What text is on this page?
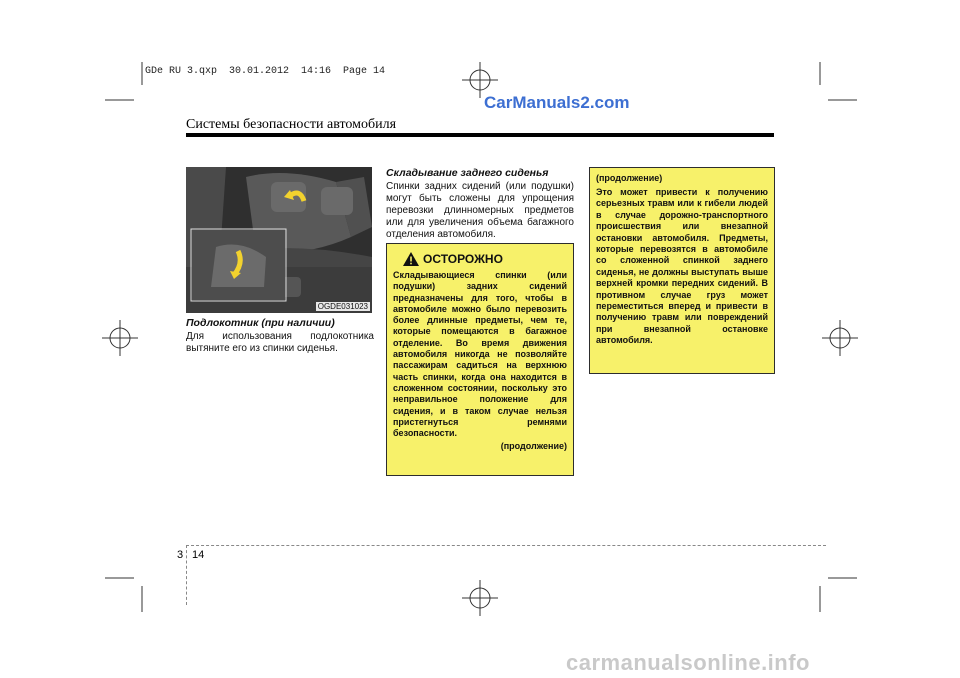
GDe RU 3.qxp  30.01.2012  14:16  Page 14
CarManuals2.com
Системы безопасности автомобиля
OGDE031023
Подлокотник (при наличии)
Для использования подлокотника вытяните его из спинки сиденья.
Складывание заднего сиденья
Спинки задних сидений (или подушки) могут быть сложены для упрощения перевозки длинномерных предметов или для увеличения объема багажного отделения автомобиля.
ОСТОРОЖНО
Складывающиеся спинки (или подушки) задних сидений предназначены для того, чтобы в автомобиле можно было перевозить более длинные предметы, чем те, которые помещаются в багажное отделение. Во время движения автомобиля никогда не позволяйте пассажирам садиться на верхнюю часть спинки, когда она находится в сложенном состоянии, поскольку это неправильное положение для сидения, и в таком случае нельзя пристегнуться ремнями безопасности.
(продолжение)
(продолжение)
Это может привести к получению серьезных травм или к гибели людей в случае дорожно-транспортного происшествия или внезапной остановки автомобиля. Предметы, которые перевозятся в автомобиле со сложенной спинкой заднего сиденья, не должны выступать выше верхней кромки передних сидений. В противном случае груз может переместиться вперед и привести в получению травм или повреждений при внезапной остановке автомобиля.
3 14
carmanualsonline.info
